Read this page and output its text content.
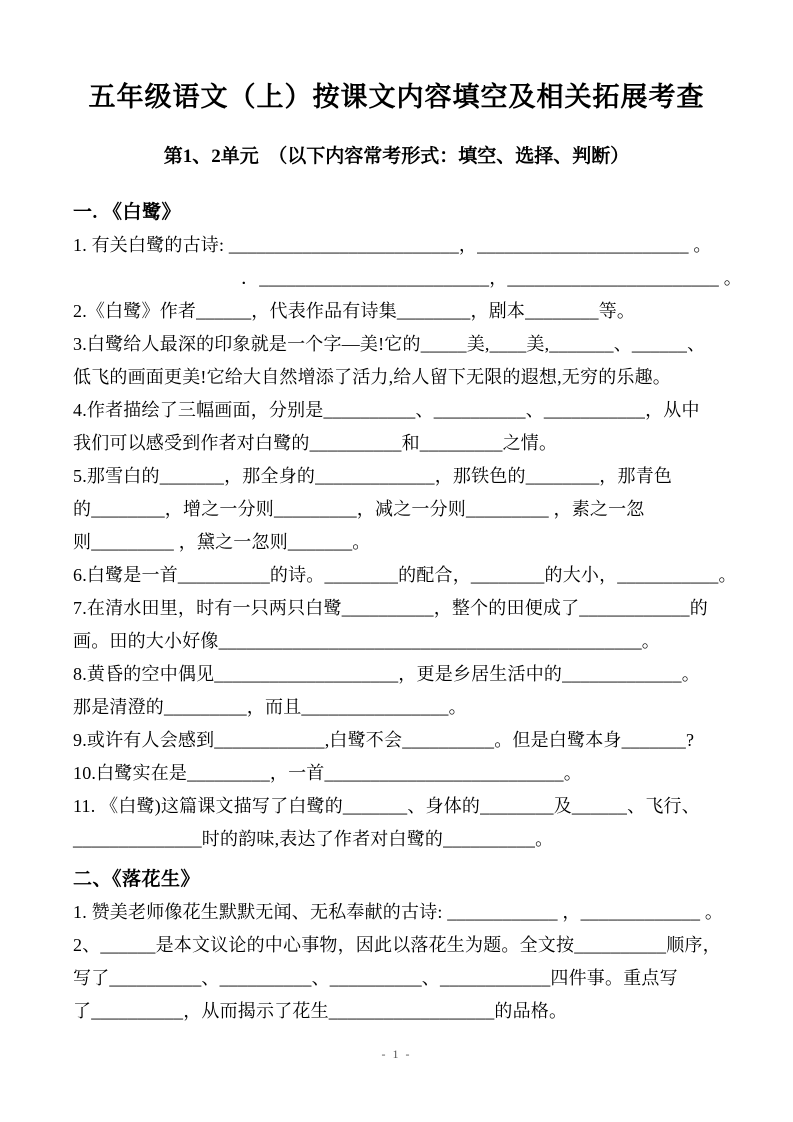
五年级语文（上）按课文内容填空及相关拓展考查
第1、2单元　（以下内容常考形式：填空、选择、判断）
一. 《白鹭》
1. 有关白鹭的古诗: _________________________，_______________________ 。
．_________________________，_______________________ 。
2.《白鹭》作者______，代表作品有诗集________，剧本________等。
3.白鹭给人最深的印象就是一个字—美!它的_____美,____美,_______、______、
低飞的画面更美!它给大自然增添了活力,给人留下无限的遐想,无穷的乐趣。
4.作者描绘了三幅画面，分别是__________、__________、___________，从中
我们可以感受到作者对白鹭的__________和_________之情。
5.那雪白的_______，那全身的_____________，那铁色的________，那青色
的________，增之一分则_________，减之一分则_________ ，素之一忽
则_________ ，黛之一忽则_______。
6.白鹭是一首__________的诗。________的配合，________的大小，___________。
7.在清水田里，时有一只两只白鹭__________，整个的田便成了____________的
画。田的大小好像______________________________________________。
8.黄昏的空中偶见____________________，更是乡居生活中的_____________。
那是清澄的_________，而且________________。
9.或许有人会感到____________,白鹭不会__________。但是白鹭本身_______?
10.白鹭实在是_________，一首__________________________。
11. 《白鹭)这篇课文描写了白鹭的_______、身体的________及______、飞行、
______________时的韵味,表达了作者对白鹭的__________。
二、《落花生》
1. 赞美老师像花生默默无闻、无私奉献的古诗: ____________ ，_____________ 。
2、______是本文议论的中心事物，因此以落花生为题。全文按__________顺序，
写了__________、__________、__________、____________四件事。重点写
了__________，从而揭示了花生__________________的品格。
- 1 -
